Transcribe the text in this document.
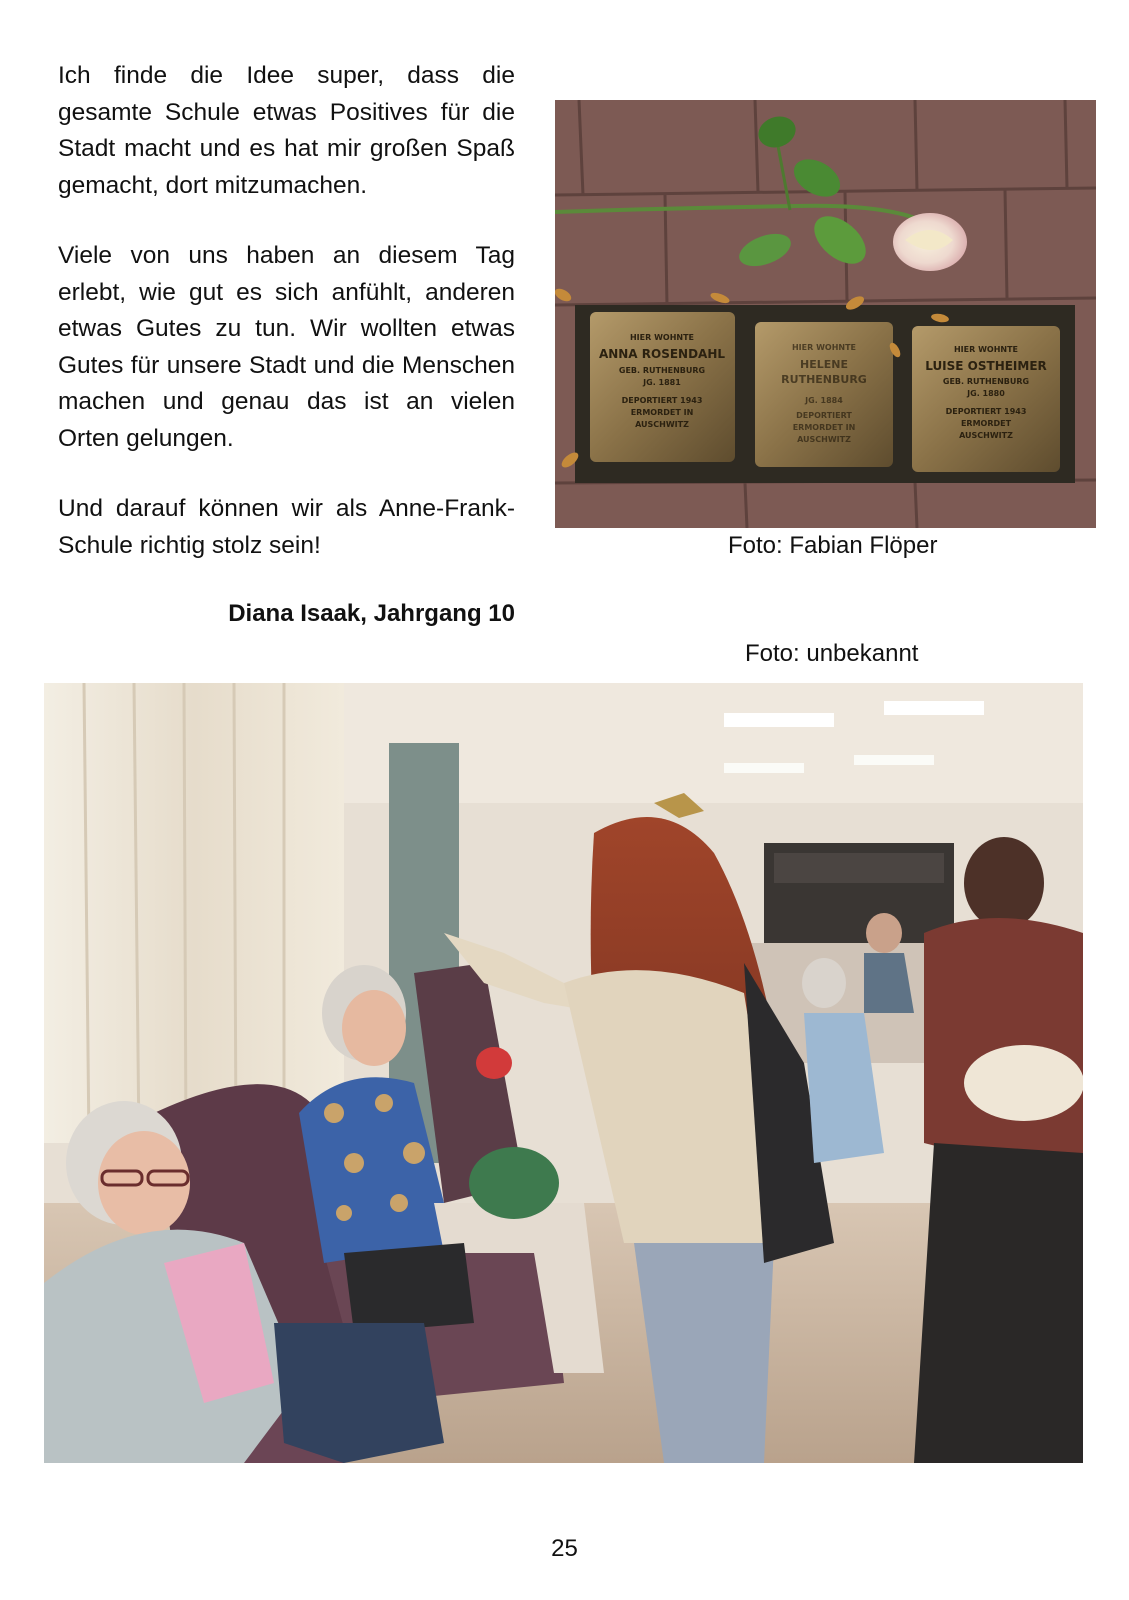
Ich finde die Idee super, dass die gesamte Schule etwas Positives für die Stadt macht und es hat mir großen Spaß gemacht, dort mitzumachen.

Viele von uns haben an diesem Tag erlebt, wie gut es sich anfühlt, anderen etwas Gutes zu tun. Wir wollten etwas Gutes für unsere Stadt und die Menschen machen und genau das ist an vielen Orten gelungen.

Und darauf können wir als Anne-Frank-Schule richtig stolz sein!

Diana Isaak, Jahrgang 10
HIER WOHNTE
ANNA ROSENDAHL
GEB. RUTHENBURG
JG. 1881
DEPORTIERT 1943
ERMORDET IN
AUSCHWITZ
HIER WOHNTE
HELENE
RUTHENBURG
JG. 1884
DEPORTIERT
ERMORDET IN
AUSCHWITZ
HIER WOHNTE
LUISE OSTHEIMER
GEB. RUTHENBURG
JG. 1880
DEPORTIERT 1943
ERMORDET
AUSCHWITZ
Foto: Fabian Flöper
Foto: unbekannt
25
